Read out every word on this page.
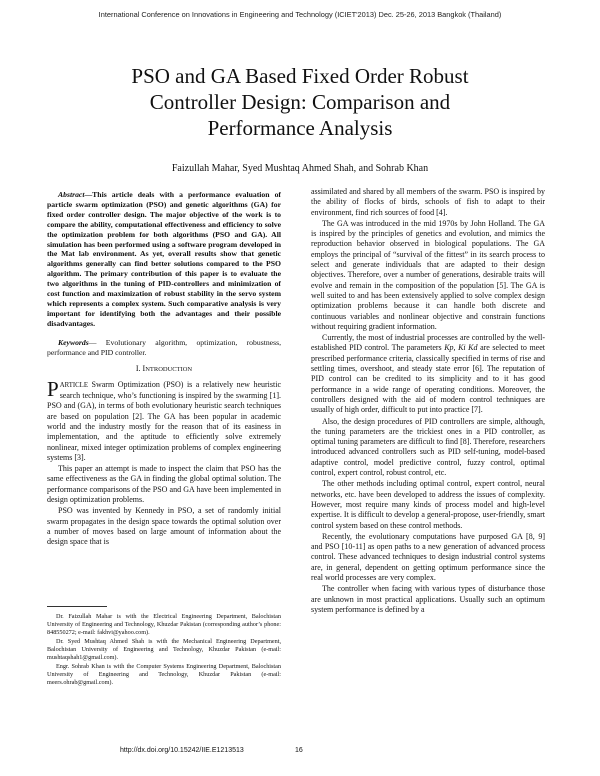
International Conference on Innovations in Engineering and Technology (ICIET'2013) Dec. 25-26, 2013 Bangkok (Thailand)
PSO and GA Based Fixed Order Robust
Controller Design: Comparison and
Performance Analysis
Faizullah Mahar, Syed Mushtaq Ahmed Shah, and Sohrab Khan

Abstract—This article deals with a performance evaluation of particle swarm optimization (PSO) and genetic algorithms (GA) for fixed order controller design. The major objective of the work is to compare the ability, computational effectiveness and efficiency to solve the optimization problem for both algorithms (PSO and GA). All simulation has been performed using a software program developed in the Mat lab environment. As yet, overall results show that genetic algorithms generally can find better solutions compared to the PSO algorithm. The primary contribution of this paper is to evaluate the two algorithms in the tuning of PID-controllers and minimization of cost function and maximization of robust stability in the servo system which represents a complex system. Such comparative analysis is very important for identifying both the advantages and their possible disadvantages.

Keywords— Evolutionary algorithm, optimization, robustness, performance and PID controller.

I. INTRODUCTION

PARTICLE Swarm Optimization (PSO) is a relatively new heuristic search technique, who’s functioning is inspired by the swarming [1]. PSO and (GA), in terms of both evolutionary heuristic search techniques are based on population [2]. The GA has been popular in academic world and the industry mostly for the reason that of its easiness in implementation, and the aptitude to efficiently solve extremely nonlinear, mixed integer optimization problems of complex engineering systems [3].

This paper an attempt is made to inspect the claim that PSO has the same effectiveness as the GA in finding the global optimal solution. The performance comparisons of the PSO and GA have been implemented in design optimization problems.

PSO was invented by Kennedy in PSO, a set of randomly initial swarm propagates in the design space towards the optimal solution over a number of moves based on large amount of information about the design space that is

Dr. Faizullah Mahar is with the Electrical Engineering Department, Balochistan University of Engineering and Technology, Khuzdar Pakistan (corresponding author’s phone: 848550272; e-mail: fakhvi@yahoo.com).

Dr. Syed Mushtaq Ahmed Shah is with the Mechanical Engineering Department, Balochistan University of Engineering and Technology, Khuzdar Pakistan (e-mail: mushtaqshah1@gmail.com).

Engr. Sohrab Khan is with the Computer Systems Engineering Department, Balochistan University of Engineering and Technology, Khuzdar Pakistan (e-mail: meers.ohrab@gmail.com).

assimilated and shared by all members of the swarm. PSO is inspired by the ability of flocks of birds, schools of fish to adapt to their environment, find rich sources of food [4].

The GA was introduced in the mid 1970s by John Holland. The GA is inspired by the principles of genetics and evolution, and mimics the reproduction behavior observed in biological populations. The GA employs the principal of “survival of the fittest” in its search process to select and generate individuals that are adapted to their design objectives. Therefore, over a number of generations, desirable traits will evolve and remain in the composition of the population [5]. The GA is well suited to and has been extensively applied to solve complex design optimization problems because it can handle both discrete and continuous variables and nonlinear objective and constrain functions without requiring gradient information.

Currently, the most of industrial processes are controlled by the well-established PID control. The parameters Kp, Ki Kd are selected to meet prescribed performance criteria, classically specified in terms of rise and settling times, overshoot, and steady state error [6]. The reputation of PID control can be credited to its simplicity and to it has good performance in a wide range of operating conditions. Moreover, the controllers designed with the aid of modern control techniques are usually of high order, difficult to put into practice [7].

Also, the design procedures of PID controllers are simple, although, the tuning parameters are the trickiest ones in a PID controller, as optimal tuning parameters are difficult to find [8]. Therefore, researchers introduced advanced controllers such as PID self-tuning, model-based adaptive control, model predictive control, fuzzy control, optimal control, expert control, robust control, etc.

The other methods including optimal control, expert control, neural networks, etc. have been developed to address the issues of complexity. However, most require many kinds of process model and high-level expertise. It is difficult to develop a general-propose, user-friendly, smart control system based on these control methods.

Recently, the evolutionary computations have purposed GA [8, 9] and PSO [10-11] as open paths to a new generation of advanced process control. These advanced techniques to design industrial control systems are, in general, dependent on getting optimum performance since the real world processes are very complex.

The controller when facing with various types of disturbance those are unknown in most practical applications. Usually such an optimum system performance is defined by a

http://dx.doi.org/10.15242/IIE.E1213513	16
